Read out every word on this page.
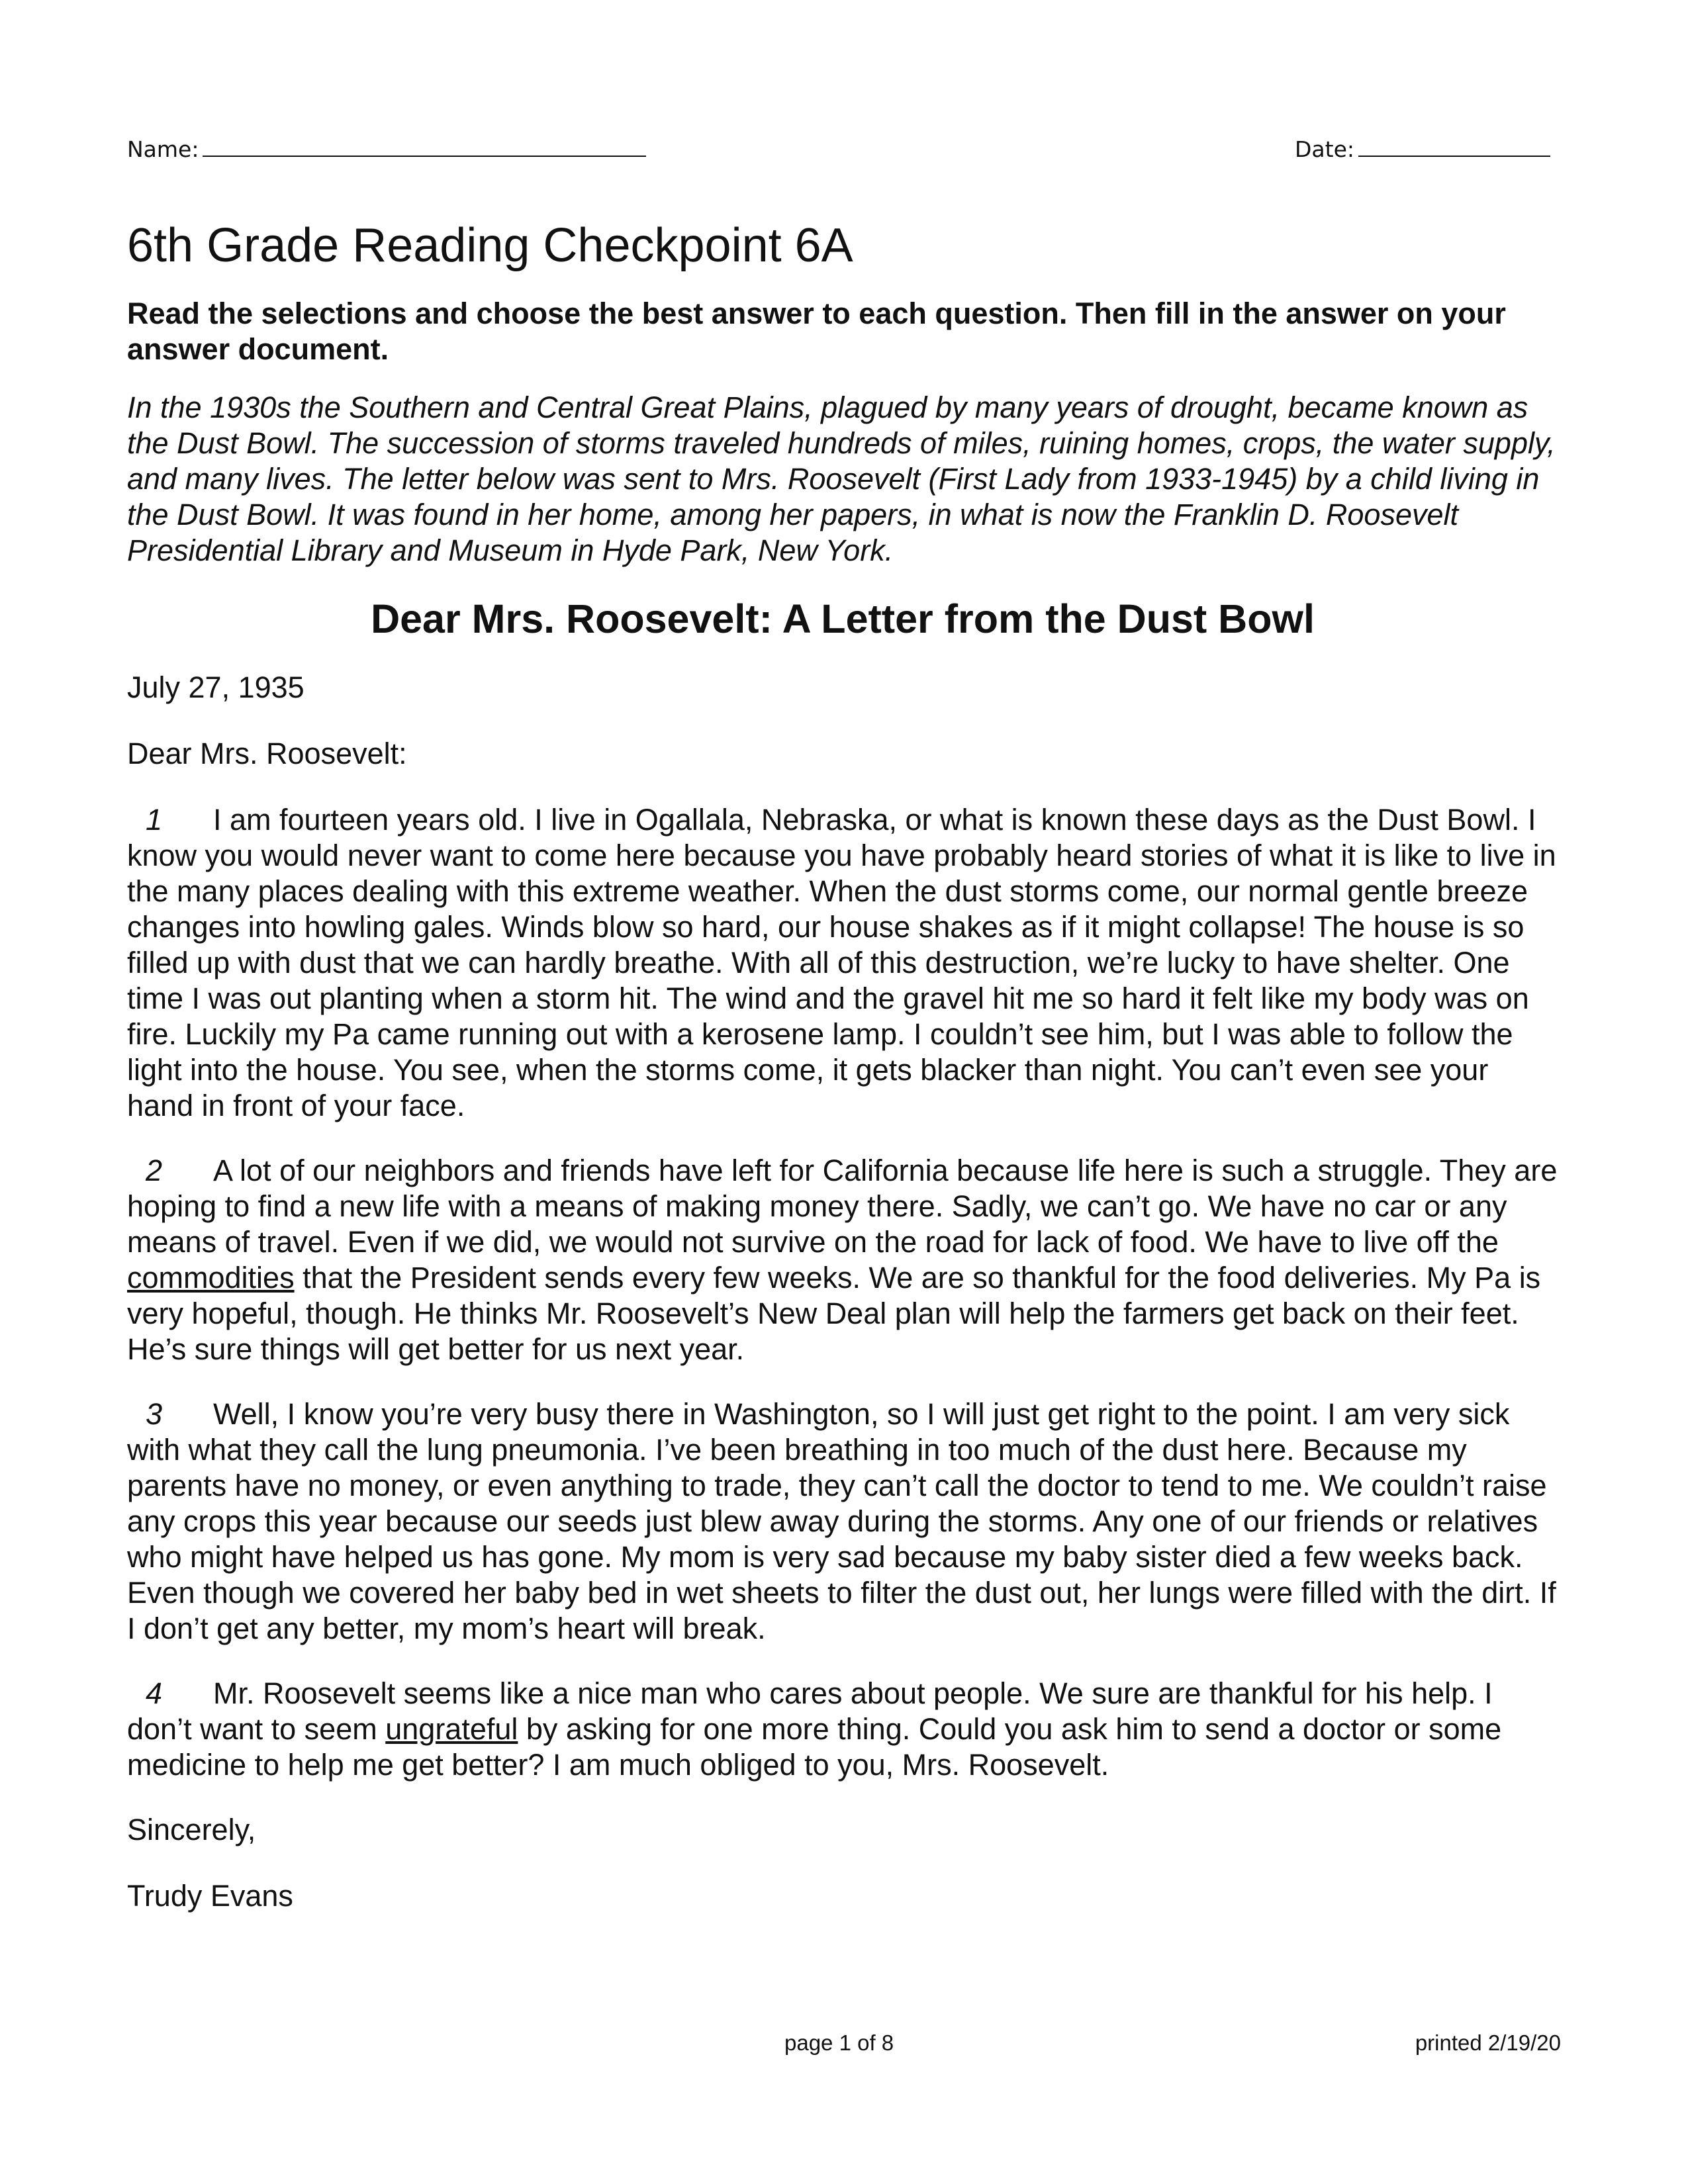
Name:	Date:
6th Grade Reading Checkpoint 6A

Read the selections and choose the best answer to each question. Then fill in the answer on your answer document.

In the 1930s the Southern and Central Great Plains, plagued by many years of drought, became known as the Dust Bowl. The succession of storms traveled hundreds of miles, ruining homes, crops, the water supply, and many lives. The letter below was sent to Mrs. Roosevelt (First Lady from 1933-1945) by a child living in the Dust Bowl. It was found in her home, among her papers, in what is now the Franklin D. Roosevelt Presidential Library and Museum in Hyde Park, New York.

Dear Mrs. Roosevelt: A Letter from the Dust Bowl

July 27, 1935

Dear Mrs. Roosevelt:

1 I am fourteen years old. I live in Ogallala, Nebraska, or what is known these days as the Dust Bowl. I know you would never want to come here because you have probably heard stories of what it is like to live in the many places dealing with this extreme weather. When the dust storms come, our normal gentle breeze changes into howling gales. Winds blow so hard, our house shakes as if it might collapse! The house is so filled up with dust that we can hardly breathe. With all of this destruction, we’re lucky to have shelter. One time I was out planting when a storm hit. The wind and the gravel hit me so hard it felt like my body was on fire. Luckily my Pa came running out with a kerosene lamp. I couldn’t see him, but I was able to follow the light into the house. You see, when the storms come, it gets blacker than night. You can’t even see your hand in front of your face.

2 A lot of our neighbors and friends have left for California because life here is such a struggle. They are hoping to find a new life with a means of making money there. Sadly, we can’t go. We have no car or any means of travel. Even if we did, we would not survive on the road for lack of food. We have to live off the commodities that the President sends every few weeks. We are so thankful for the food deliveries. My Pa is very hopeful, though. He thinks Mr. Roosevelt’s New Deal plan will help the farmers get back on their feet. He’s sure things will get better for us next year.

3 Well, I know you’re very busy there in Washington, so I will just get right to the point. I am very sick with what they call the lung pneumonia. I’ve been breathing in too much of the dust here. Because my parents have no money, or even anything to trade, they can’t call the doctor to tend to me. We couldn’t raise any crops this year because our seeds just blew away during the storms. Any one of our friends or relatives who might have helped us has gone. My mom is very sad because my baby sister died a few weeks back. Even though we covered her baby bed in wet sheets to filter the dust out, her lungs were filled with the dirt. If I don’t get any better, my mom’s heart will break.

4 Mr. Roosevelt seems like a nice man who cares about people. We sure are thankful for his help. I don’t want to seem ungrateful by asking for one more thing. Could you ask him to send a doctor or some medicine to help me get better? I am much obliged to you, Mrs. Roosevelt.

Sincerely,

Trudy Evans

page 1 of 8	printed 2/19/20
